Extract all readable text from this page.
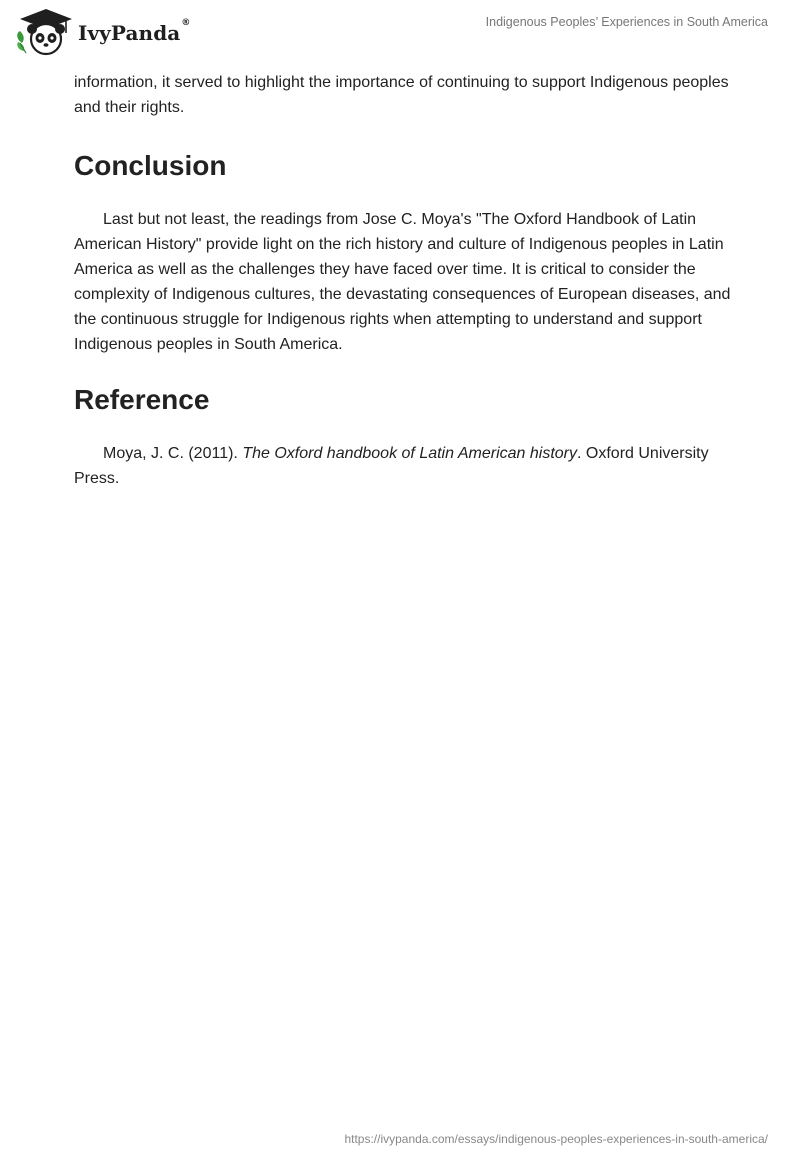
IvyPanda ®	Indigenous Peoples’ Experiences in South America

information, it served to highlight the importance of continuing to support Indigenous peoples and their rights.

Conclusion

Last but not least, the readings from Jose C. Moya's "The Oxford Handbook of Latin American History" provide light on the rich history and culture of Indigenous peoples in Latin America as well as the challenges they have faced over time. It is critical to consider the complexity of Indigenous cultures, the devastating consequences of European diseases, and the continuous struggle for Indigenous rights when attempting to understand and support Indigenous peoples in South America.

Reference

Moya, J. C. (2011). The Oxford handbook of Latin American history. Oxford University Press.

https://ivypanda.com/essays/indigenous-peoples-experiences-in-south-america/
